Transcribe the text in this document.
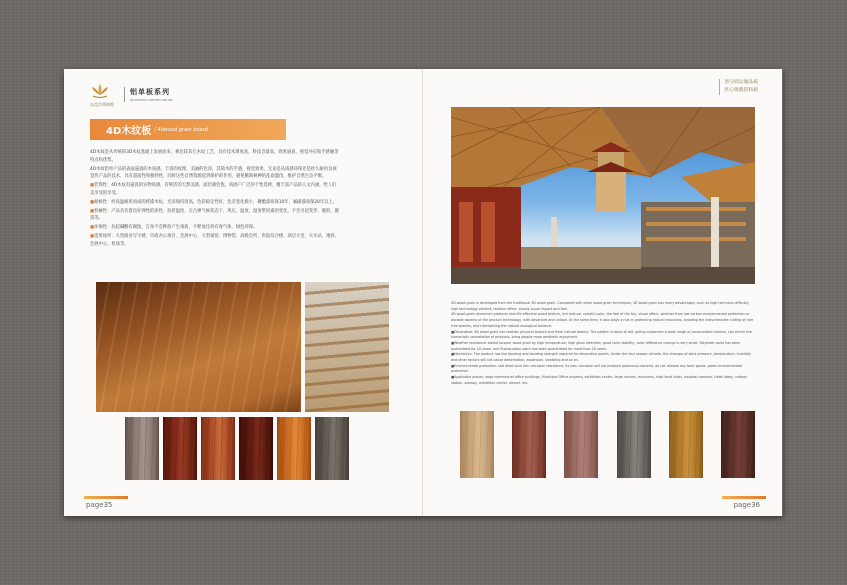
东莞市华纳斯
铝单板系列
Aluminum veneer series
4D木纹板 / 4dwood grain board

4D木纹是从传统的3D木纹基础上发展而来，相比较其它木纹工艺，具有技术难度高，科技含量高，效果逼真，视觉冲击和手感触等特点和优势。

4D木纹铝单产品的表面逼真的木质感，丰富的纹理，美丽的色泽，其简木的手感，视觉效果，无论是从质感环保还是经久耐用及视觉传产品的技术，具有超前性和独特性，同时这些自然资源起到保护的作用，避免稀缺树种的乱砍滥伐，维护自然生态平衡。

■装饰性：4D木纹有逼真的实物质感，有鲜活的天然美感，面层颜色饱，质感户广泛的个性选择，精丰富产品的人文内涵，给人们美享受的享受。

■耐候性：经高温耐用而成的烤漆木纹，光泽保持度高，色彩稳定性好，色差变化极小，聚酯漆质保10年，氟碳漆质保20年以上。

■机械性：产品具有着良好弹性的涂性，抗折温度，在凸弹气候状态下，风压、温度、湿度带因素的变化，不会引起变形、脱胶、脱落等。

■环保性：抗起碱酸有腐蚀，自身不会释放产生毒质，不释放任何有毒气体，绿色环保。

■适用场所：大型商业写字楼、市政办公项目、会展中心、大型场馆、博物馆、高级会所、医院综合楼、酒店大堂、火车站、地铁、会展中心、机场等。

page35
坚守而运通品质
匠心铸就铝和质

4D wood grain is developed from the traditional 3D wood grain. Compared with other wood grain techniques, 4D wood grain has many advantages, such as high technical difficulty, high technology content, realistic effect, strong visual impact and feel.

4D wood grain aluminum products real-life effective wood texture, rich texture, colorful color, the feel of the toy, visual effect, whether from low carbon environmental protection or durable aspects of the product technology, with advanced and unique. At the same time, it also plays a role in protecting natural resources, avoiding the indiscriminate cutting of rare tree species, and maintaining the natural ecological balance.

■Decorative: 4D wood grain has realistic physical texture and fresh natural beauty. The pattern is done at will, giving customers a wide range of personalized choices, can enrich the humanistic connotation of products, bring people more aesthetic enjoyment.

■Weather resistance: baked lacquer wood grain by high temperature, high gloss retention, good color stability, color difference change is very small. Polyester paint has been guaranteed for 10 years, and fluorocarbon paint has been guaranteed for more than 20 years.

■Mechanics: The product has the bending and bending strength required for decorative panels. Under the four season climate, the changes of wind pressure, temperature, humidity and other factors will not cause deformation, expansion, shedding and so on.

■Environmental protection: salt alkali acid rain corrosion resistance, its own corrosion will not produce poisonous bacteria, do not release any toxic gases, green environmental protection.

■Applicable places: large commercial office buildings, Municipal Office projects, exhibition center, large venues, museums, high-level clubs, hospital complex, Hotel lobby, railway station, subway, exhibition center, airport, etc.

page36
